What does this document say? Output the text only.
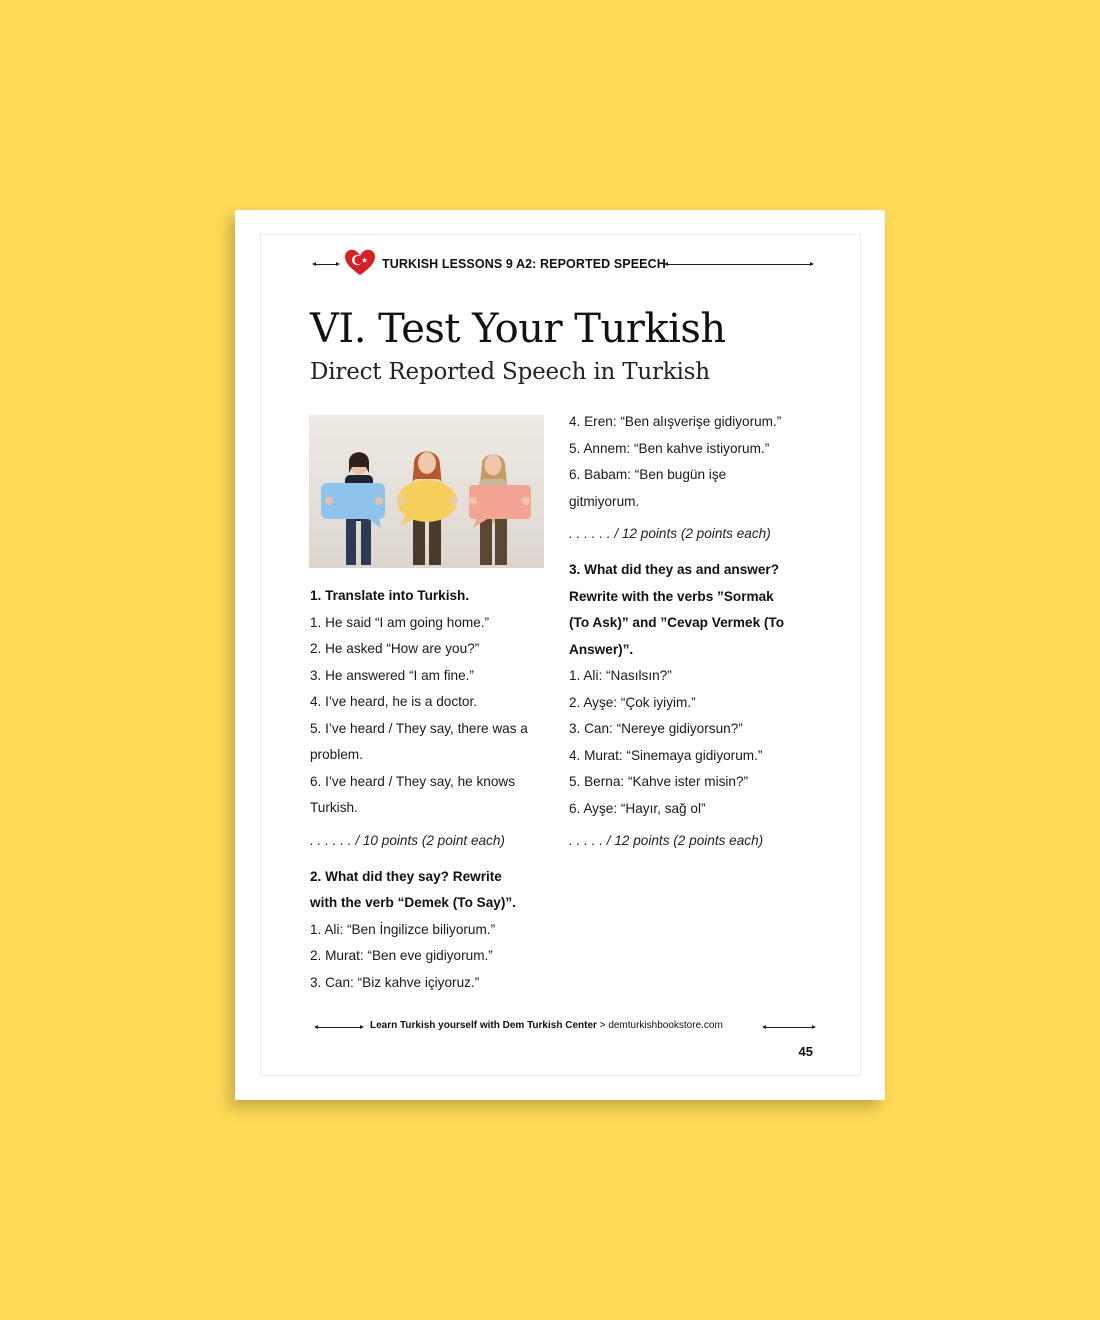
TURKISH LESSONS 9 A2: REPORTED SPEECH
VI. Test Your Turkish
Direct Reported Speech in Turkish
1. Translate into Turkish.
1. He said “I am going home.”
2. He asked “How are you?”
3. He answered “I am fine.”
4. I’ve heard, he is a doctor.
5. I’ve heard / They say, there was a
problem.
6. I’ve heard / They say, he knows
Turkish.
. . . . . . / 10 points (2 point each)
2. What did they say? Rewrite
with the verb “Demek (To Say)”.
1. Ali: “Ben İngilizce biliyorum.”
2. Murat: “Ben eve gidiyorum.”
3. Can: “Biz kahve içiyoruz.”
4. Eren: “Ben alışverişe gidiyorum.”
5. Annem: “Ben kahve istiyorum.”
6. Babam: “Ben bugün işe
gitmiyorum.
. . . . . . / 12 points (2 points each)
3. What did they as and answer?
Rewrite with the verbs ”Sormak
(To Ask)” and ”Cevap Vermek (To
Answer)”.
1. Ali: “Nasılsın?”
2. Ayşe: “Çok iyiyim.”
3. Can: “Nereye gidiyorsun?”
4. Murat: “Sinemaya gidiyorum.”
5. Berna: “Kahve ister misin?”
6. Ayşe: “Hayır, sağ ol”
. . . . . / 12 points (2 points each)
Learn Turkish yourself with Dem Turkish Center > demturkishbookstore.com
45
